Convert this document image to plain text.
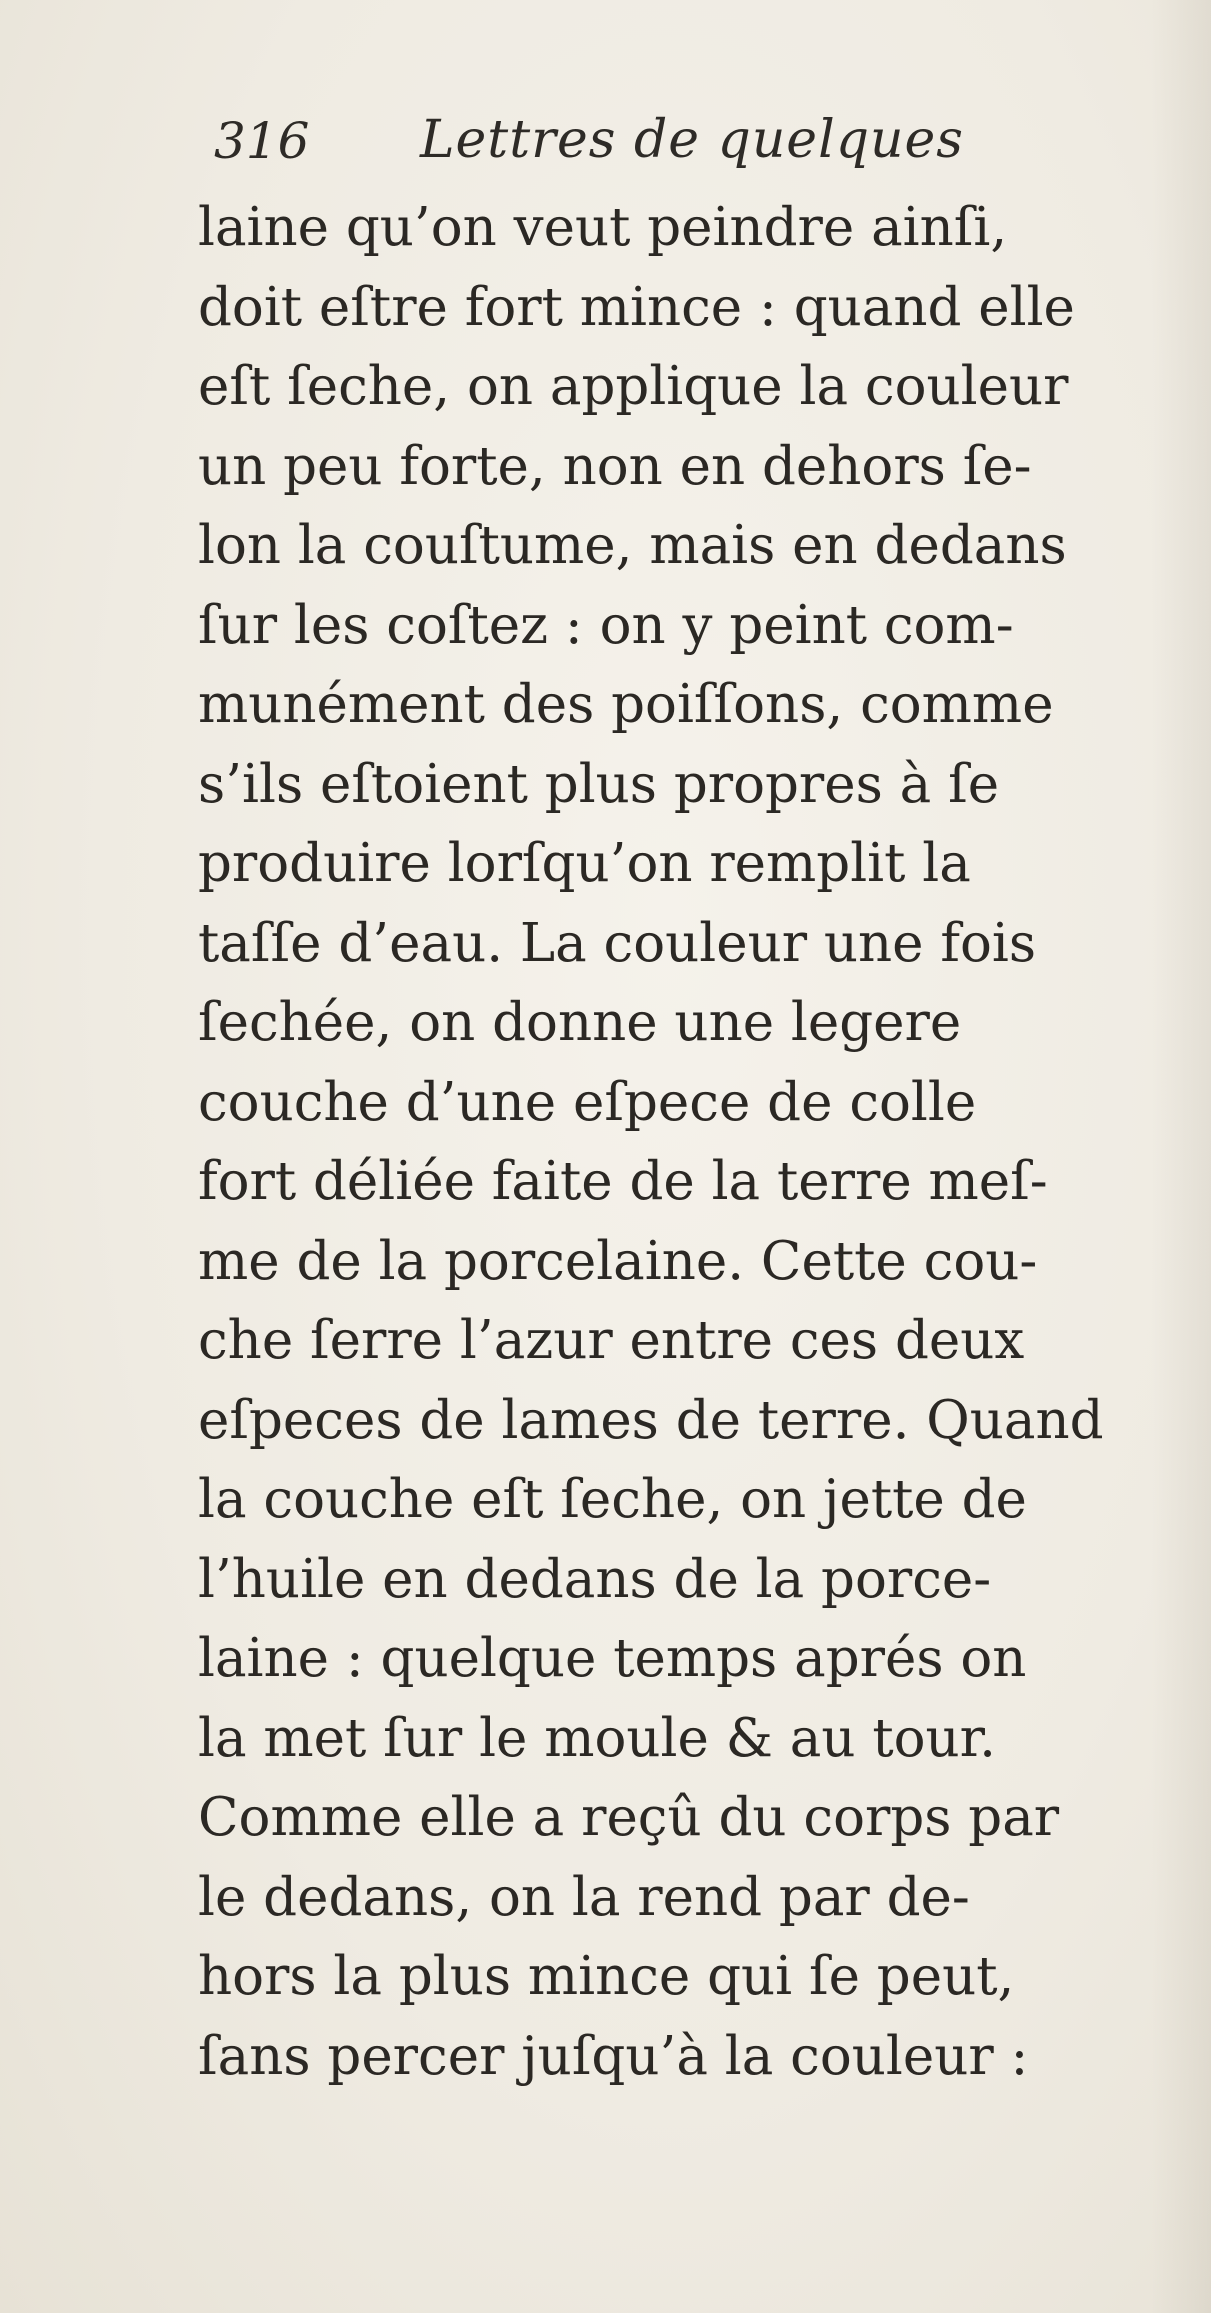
316 Lettres de quelques
laine qu’on veut peindre ainſi,
doit eſtre fort mince : quand elle
eſt ſeche, on applique la couleur
un peu forte, non en dehors ſe-
lon la couſtume, mais en dedans
ſur les coſtez : on y peint com-
munément des poiſſons, comme
s’ils eſtoient plus propres à ſe
produire lorſqu’on remplit la
taſſe d’eau. La couleur une fois
ſechée, on donne une legere
couche d’une eſpece de colle
fort déliée faite de la terre meſ-
me de la porcelaine. Cette cou-
che ſerre l’azur entre ces deux
eſpeces de lames de terre. Quand
la couche eſt ſeche, on jette de
l’huile en dedans de la porce-
laine : quelque temps aprés on
la met ſur le moule & au tour.
Comme elle a reçû du corps par
le dedans, on la rend par de-
hors la plus mince qui ſe peut,
ſans percer juſqu’à la couleur :
